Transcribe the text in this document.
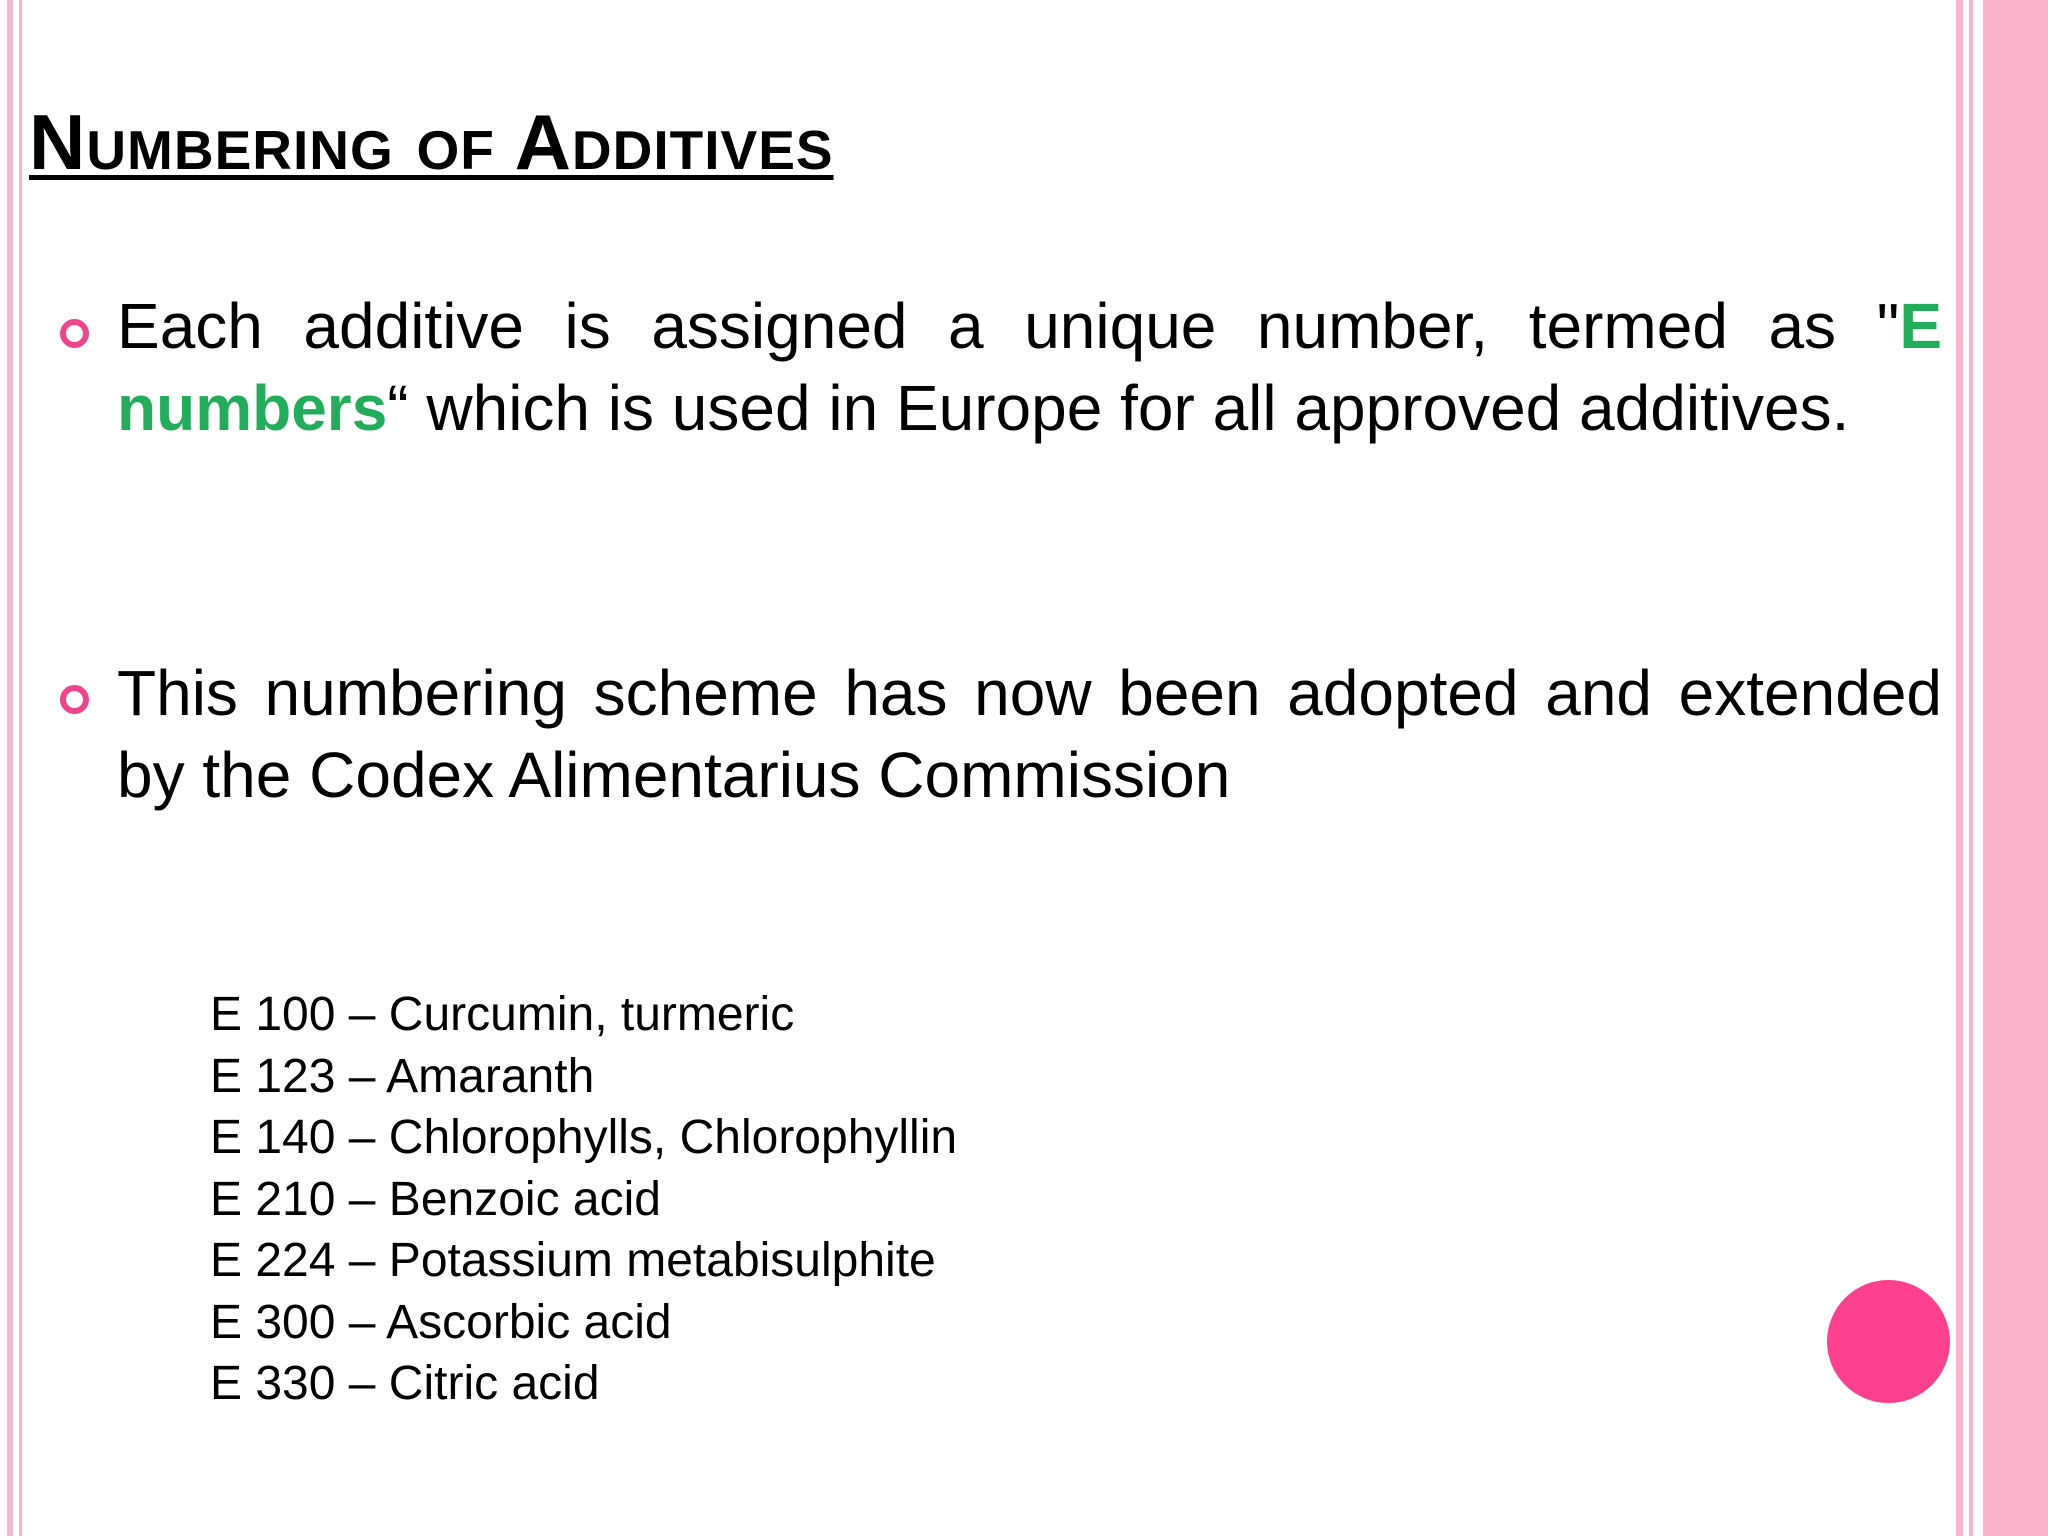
Numbering of Additives

Each additive is assigned a unique number, termed as "E numbers“ which is used in Europe for all approved additives.

This numbering scheme has now been adopted and extended by the Codex Alimentarius Commission

E 100 – Curcumin, turmeric
E 123 – Amaranth
E 140 – Chlorophylls, Chlorophyllin
E 210 – Benzoic acid
E 224 – Potassium metabisulphite
E 300 – Ascorbic acid
E 330 – Citric acid
